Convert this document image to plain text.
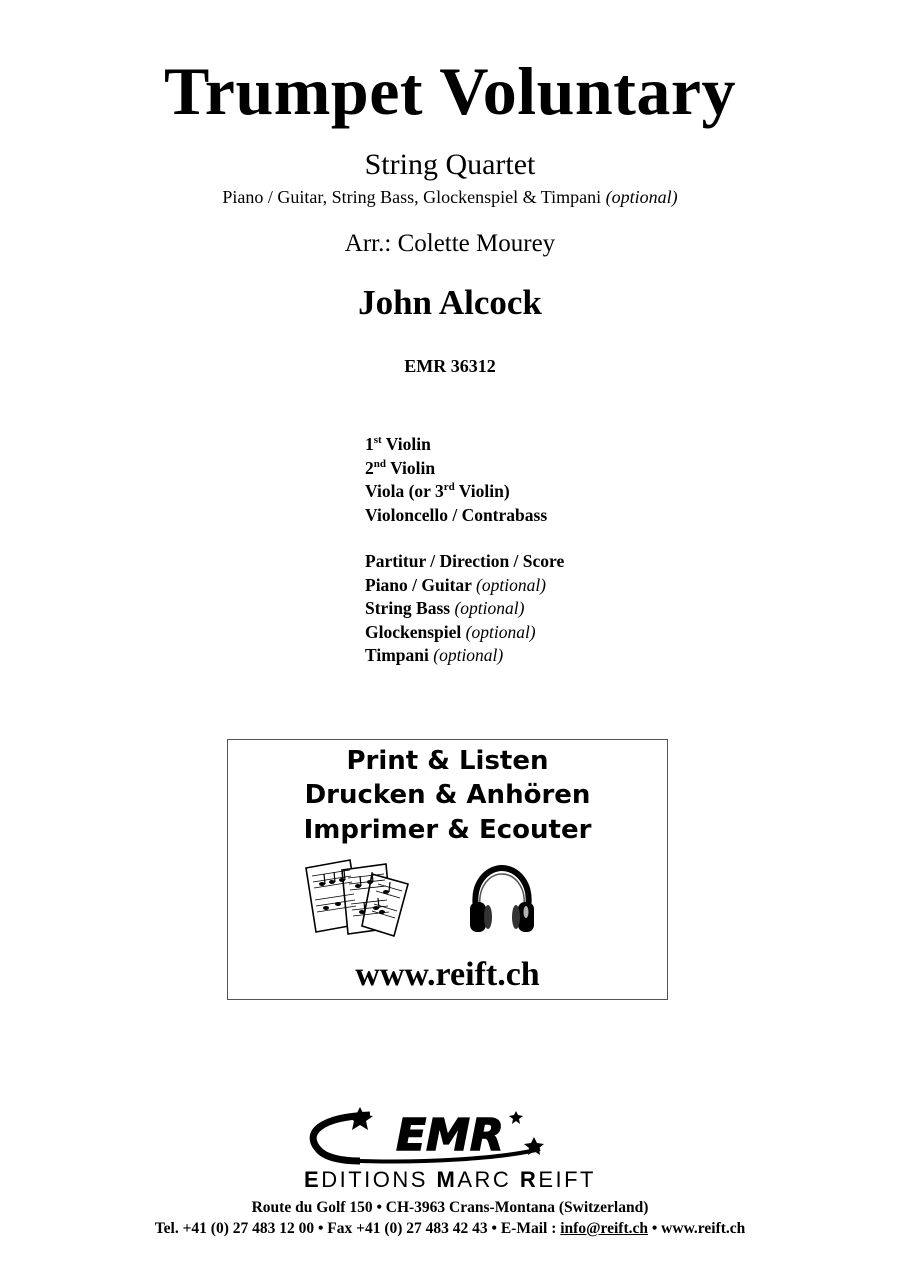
Trumpet Voluntary
String Quartet
Piano / Guitar, String Bass, Glockenspiel & Timpani (optional)
Arr.: Colette Mourey
John Alcock
EMR 36312
1st Violin
2nd Violin
Viola (or 3rd Violin)
Violoncello / Contrabass
Partitur / Direction / Score
Piano / Guitar (optional)
String Bass (optional)
Glockenspiel (optional)
Timpani (optional)
Print & Listen
Drucken & Anhören
Imprimer & Ecouter
www.reift.ch
EMR
EDITIONS MARC REIFT
Route du Golf 150 • CH-3963 Crans-Montana (Switzerland)
Tel. +41 (0) 27 483 12 00 • Fax +41 (0) 27 483 42 43 • E-Mail : info@reift.ch • www.reift.ch
